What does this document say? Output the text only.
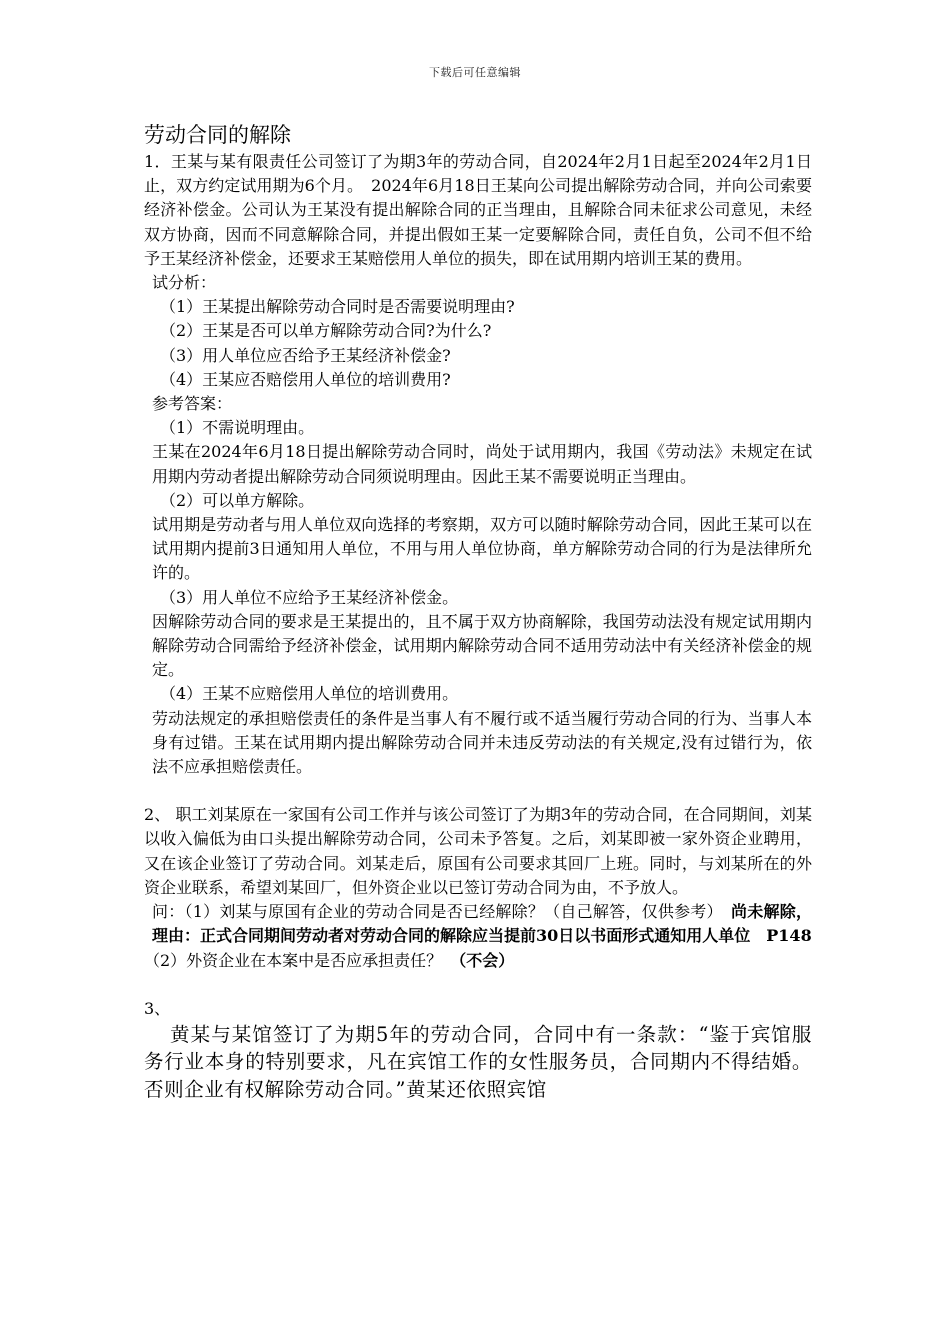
下载后可任意编辑
劳动合同的解除

1．王某与某有限责任公司签订了为期3年的劳动合同，自2024年2月1日起至2024年2月1日止，双方约定试用期为6个月。　2024年6月18日王某向公司提出解除劳动合同，并向公司索要经济补偿金。公司认为王某没有提出解除合同的正当理由，且解除合同未征求公司意见，未经双方协商，因而不同意解除合同，并提出假如王某一定要解除合同，责任自负，公司不但不给予王某经济补偿金，还要求王某赔偿用人单位的损失，即在试用期内培训王某的费用。

试分析：

（1）王某提出解除劳动合同时是否需要说明理由?

（2）王某是否可以单方解除劳动合同?为什么?

（3）用人单位应否给予王某经济补偿金?

（4）王某应否赔偿用人单位的培训费用?

参考答案：

（1）不需说明理由。

王某在2024年6月18日提出解除劳动合同时，尚处于试用期内，我国《劳动法》未规定在试用期内劳动者提出解除劳动合同须说明理由。因此王某不需要说明正当理由。

（2）可以单方解除。

试用期是劳动者与用人单位双向选择的考察期，双方可以随时解除劳动合同，因此王某可以在试用期内提前3日通知用人单位，不用与用人单位协商，单方解除劳动合同的行为是法律所允许的。

（3）用人单位不应给予王某经济补偿金。

因解除劳动合同的要求是王某提出的，且不属于双方协商解除，我国劳动法没有规定试用期内解除劳动合同需给予经济补偿金，试用期内解除劳动合同不适用劳动法中有关经济补偿金的规定。

（4）王某不应赔偿用人单位的培训费用。

劳动法规定的承担赔偿责任的条件是当事人有不履行或不适当履行劳动合同的行为、当事人本身有过错。王某在试用期内提出解除劳动合同并未违反劳动法的有关规定,没有过错行为，依法不应承担赔偿责任。

2、 职工刘某原在一家国有公司工作并与该公司签订了为期3年的劳动合同，在合同期间，刘某以收入偏低为由口头提出解除劳动合同，公司未予答复。之后，刘某即被一家外资企业聘用，又在该企业签订了劳动合同。刘某走后，原国有公司要求其回厂上班。同时，与刘某所在的外资企业联系，希望刘某回厂，但外资企业以已签订劳动合同为由，不予放人。

问：（1）刘某与原国有企业的劳动合同是否已经解除？（自己解答，仅供参考）　尚未解除，理由：正式合同期间劳动者对劳动合同的解除应当提前30日以书面形式通知用人单位　P148

（2）外资企业在本案中是否应承担责任？　（不会）

3、

黄某与某馆签订了为期5年的劳动合同，合同中有一条款：“鉴于宾馆服务行业本身的特别要求，凡在宾馆工作的女性服务员，合同期内不得结婚。否则企业有权解除劳动合同。”黄某还依照宾馆
